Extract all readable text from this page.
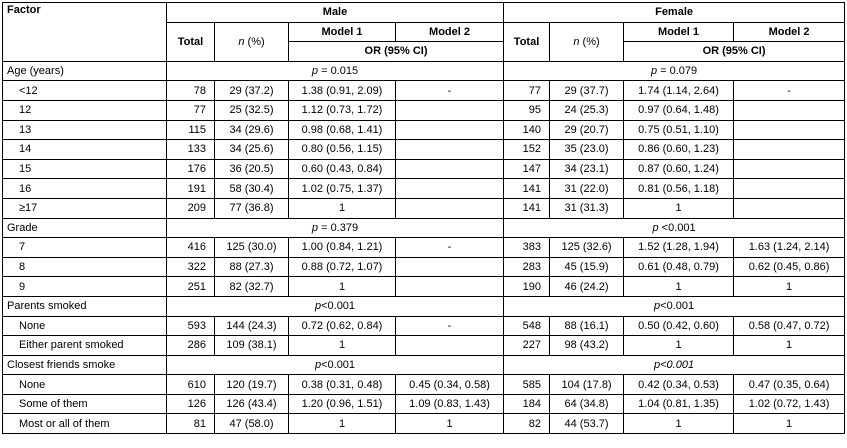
Factor	Male				Female			
	Total	n (%)	Model 1	Model 2	Total	n (%)	Model 1	Model 2
			OR (95% CI)				OR (95% CI)	
Age (years)	p = 0.015				p = 0.079			
<12	78	29 (37.2)	1.38 (0.91, 2.09)	-	77	29 (37.7)	1.74 (1.14, 2.64)	-
12	77	25 (32.5)	1.12 (0.73, 1.72)		95	24 (25.3)	0.97 (0.64, 1.48)	
13	115	34 (29.6)	0.98 (0.68, 1.41)		140	29 (20.7)	0.75 (0.51, 1.10)	
14	133	34 (25.6)	0.80 (0.56, 1.15)		152	35 (23.0)	0.86 (0.60, 1.23)	
15	176	36 (20.5)	0.60 (0.43, 0.84)		147	34 (23.1)	0.87 (0.60, 1.24)	
16	191	58 (30.4)	1.02 (0.75, 1.37)		141	31 (22.0)	0.81 (0.56, 1.18)	
≥17	209	77 (36.8)	1		141	31 (31.3)	1	
Grade	p = 0.379				p <0.001			
7	416	125 (30.0)	1.00 (0.84, 1.21)	-	383	125 (32.6)	1.52 (1.28, 1.94)	1.63 (1.24, 2.14)
8	322	88 (27.3)	0.88 (0.72, 1.07)		283	45 (15.9)	0.61 (0.48, 0.79)	0.62 (0.45, 0.86)
9	251	82 (32.7)	1		190	46 (24.2)	1	1
Parents smoked	p<0.001				p<0.001			
None	593	144 (24.3)	0.72 (0.62, 0.84)	-	548	88 (16.1)	0.50 (0.42, 0.60)	0.58 (0.47, 0.72)
Either parent smoked	286	109 (38.1)	1		227	98 (43.2)	1	1
Closest friends smoke	p<0.001				p<0.001			
None	610	120 (19.7)	0.38 (0.31, 0.48)	0.45 (0.34, 0.58)	585	104 (17.8)	0.42 (0.34, 0.53)	0.47 (0.35, 0.64)
Some of them	126	126 (43.4)	1.20 (0.96, 1.51)	1.09 (0.83, 1.43)	184	64 (34.8)	1.04 (0.81, 1.35)	1.02 (0.72, 1.43)
Most or all of them	81	47 (58.0)	1	1	82	44 (53.7)	1	1
